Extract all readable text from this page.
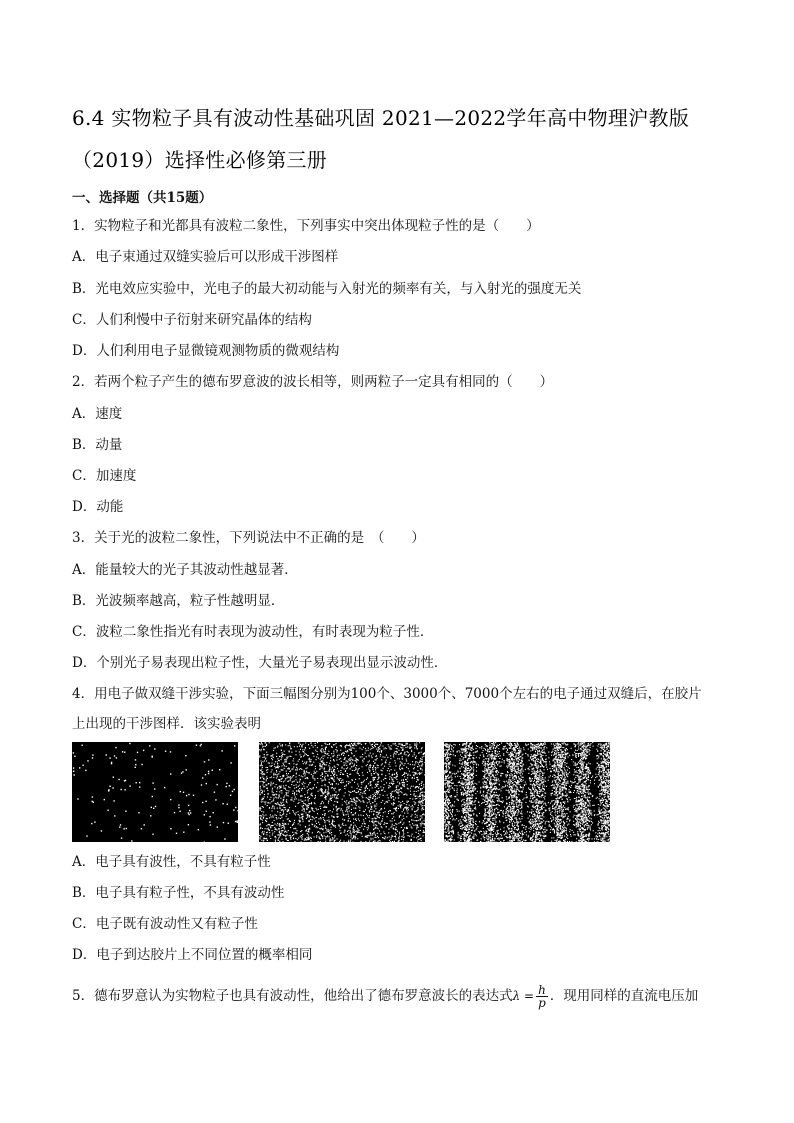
6.4 实物粒子具有波动性基础巩固 2021—2022学年高中物理沪教版
（2019）选择性必修第三册
一、选择题（共15题）
1．实物粒子和光都具有波粒二象性，下列事实中突出体现粒子性的是（　　）
A．电子束通过双缝实验后可以形成干涉图样
B．光电效应实验中，光电子的最大初动能与入射光的频率有关，与入射光的强度无关
C．人们利慢中子衍射来研究晶体的结构
D．人们利用电子显微镜观测物质的微观结构
2．若两个粒子产生的德布罗意波的波长相等，则两粒子一定具有相同的（　　）
A．速度
B．动量
C．加速度
D．动能
3．关于光的波粒二象性，下列说法中不正确的是　（　　）
A．能量较大的光子其波动性越显著．
B．光波频率越高，粒子性越明显．
C．波粒二象性指光有时表现为波动性，有时表现为粒子性．
D．个别光子易表现出粒子性，大量光子易表现出显示波动性．
4．用电子做双缝干涉实验，下面三幅图分别为100个、3000个、7000个左右的电子通过双缝后，在胶片
上出现的干涉图样．该实验表明
A．电子具有波性，不具有粒子性
B．电子具有粒子性，不具有波动性
C．电子既有波动性又有粒子性
D．电子到达胶片上不同位置的概率相同
5．德布罗意认为实物粒子也具有波动性，他给出了德布罗意波长的表达式$\lambda = \frac{h}{p}$ ．现用同样的直流电压加
